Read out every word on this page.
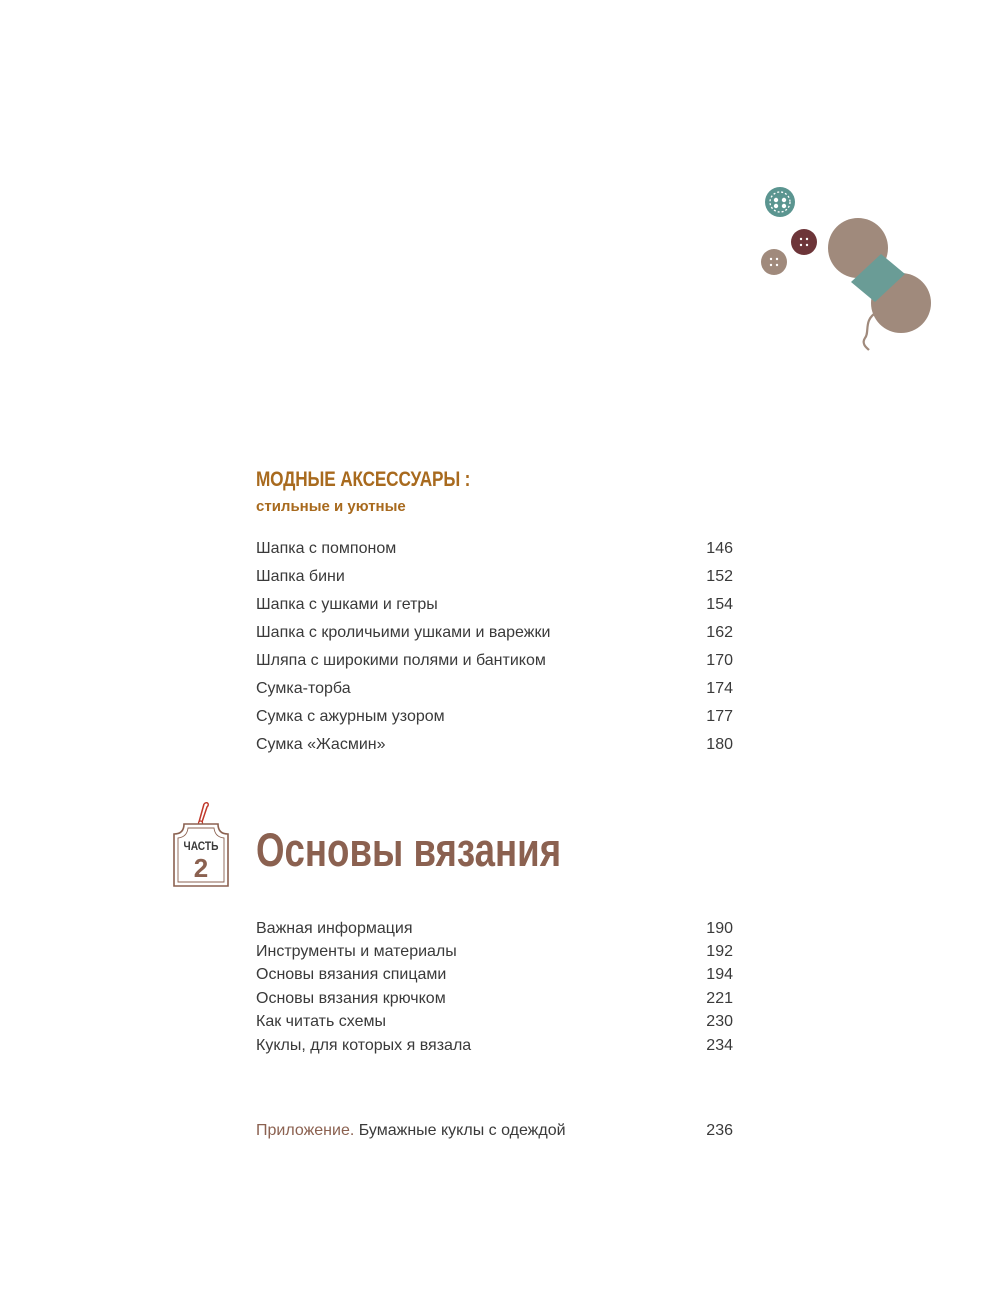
МОДНЫЕ АКСЕССУАРЫ :
стильные и уютные
Шапка с помпоном	146
Шапка бини	152
Шапка с ушками и гетры	154
Шапка с кроличьими ушками и варежки	162
Шляпа с широкими полями и бантиком	170
Сумка-торба	174
Сумка с ажурным узором	177
Сумка «Жасмин»	180
ЧАСТЬ
2 Основы вязания
Важная информация	190
Инструменты и материалы	192
Основы вязания спицами	194
Основы вязания крючком	221
Как читать схемы	230
Куклы, для которых я вязала	234
Приложение. Бумажные куклы с одеждой	236
